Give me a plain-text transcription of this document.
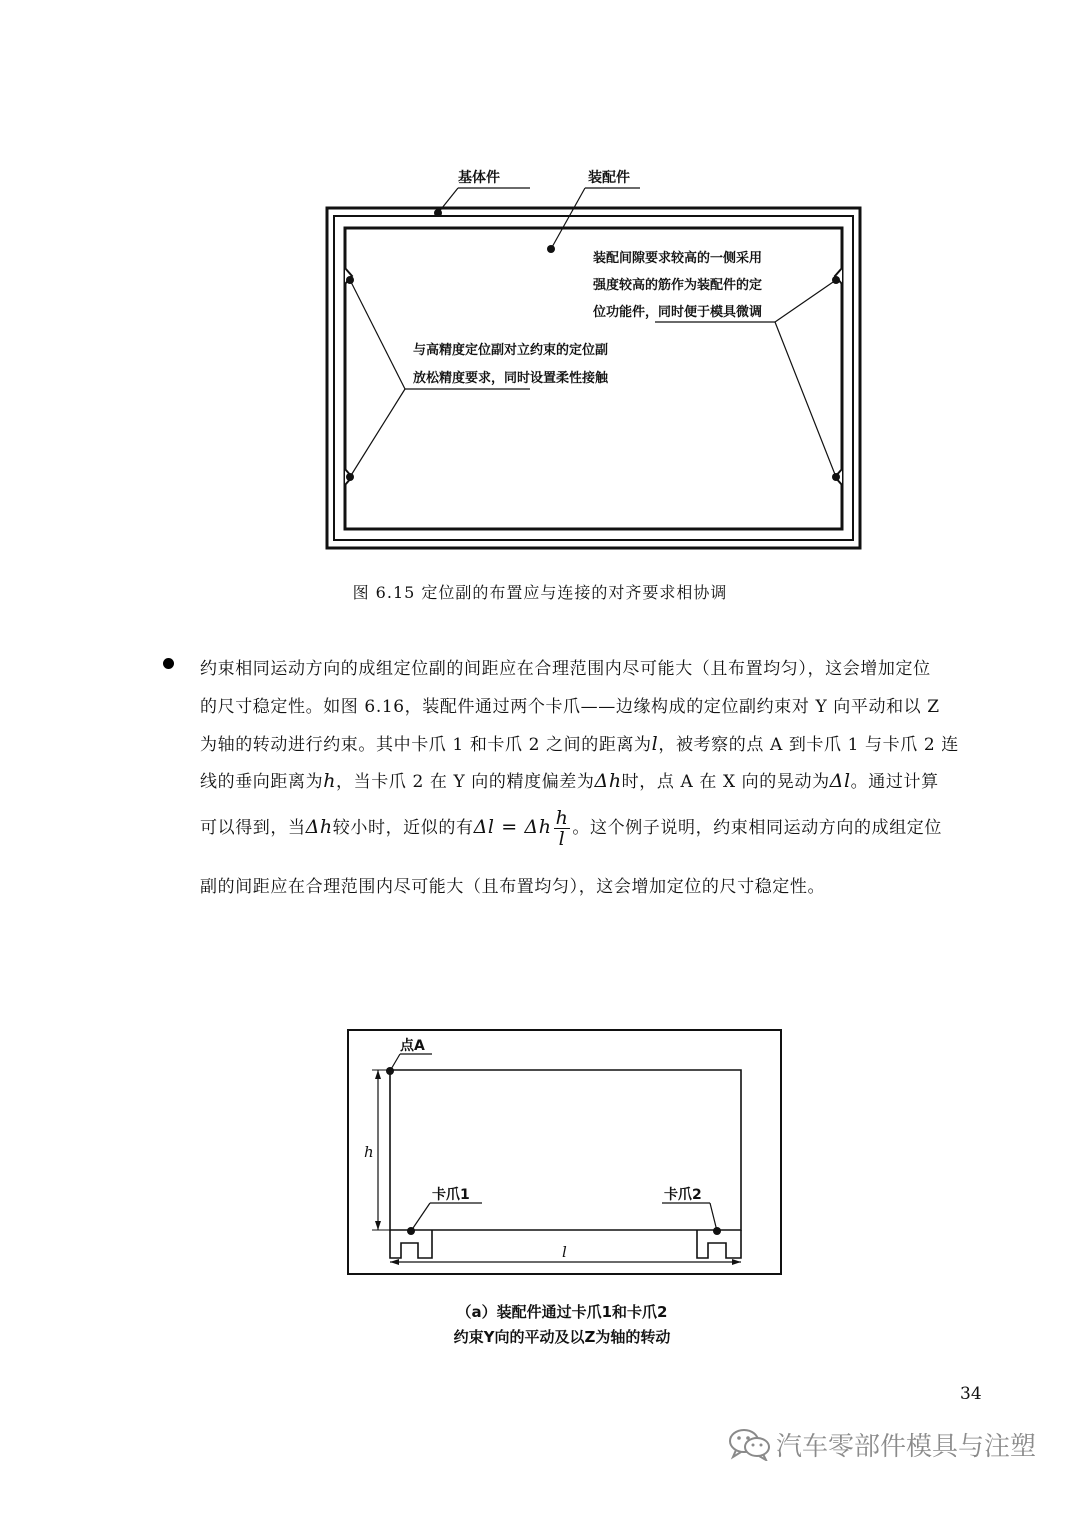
基体件	装配件
装配间隙要求较高的一侧采用
强度较高的筋作为装配件的定
位功能件，同时便于模具微调
与高精度定位副对立约束的定位副
放松精度要求，同时设置柔性接触
图 6.15 定位副的布置应与连接的对齐要求相协调
约束相同运动方向的成组定位副的间距应在合理范围内尽可能大（且布置均匀），这会增加定位
的尺寸稳定性。如图 6.16，装配件通过两个卡爪——边缘构成的定位副约束对 Y 向平动和以 Z
为轴的转动进行约束。其中卡爪 1 和卡爪 2 之间的距离为l，被考察的点 A 到卡爪 1 与卡爪 2 连
线的垂向距离为h，当卡爪 2 在 Y 向的精度偏差为Δh时，点 A 在 X 向的晃动为Δl。通过计算
可以得到，当Δh较小时，近似的有Δl = Δh $\frac{h}{l}$ 。这个例子说明，约束相同运动方向的成组定位
副的间距应在合理范围内尽可能大（且布置均匀），这会增加定位的尺寸稳定性。
h
l
点A
卡爪1	卡爪2
（a）装配件通过卡爪1和卡爪2
约束Y向的平动及以Z为轴的转动
34
汽车零部件模具与注塑
